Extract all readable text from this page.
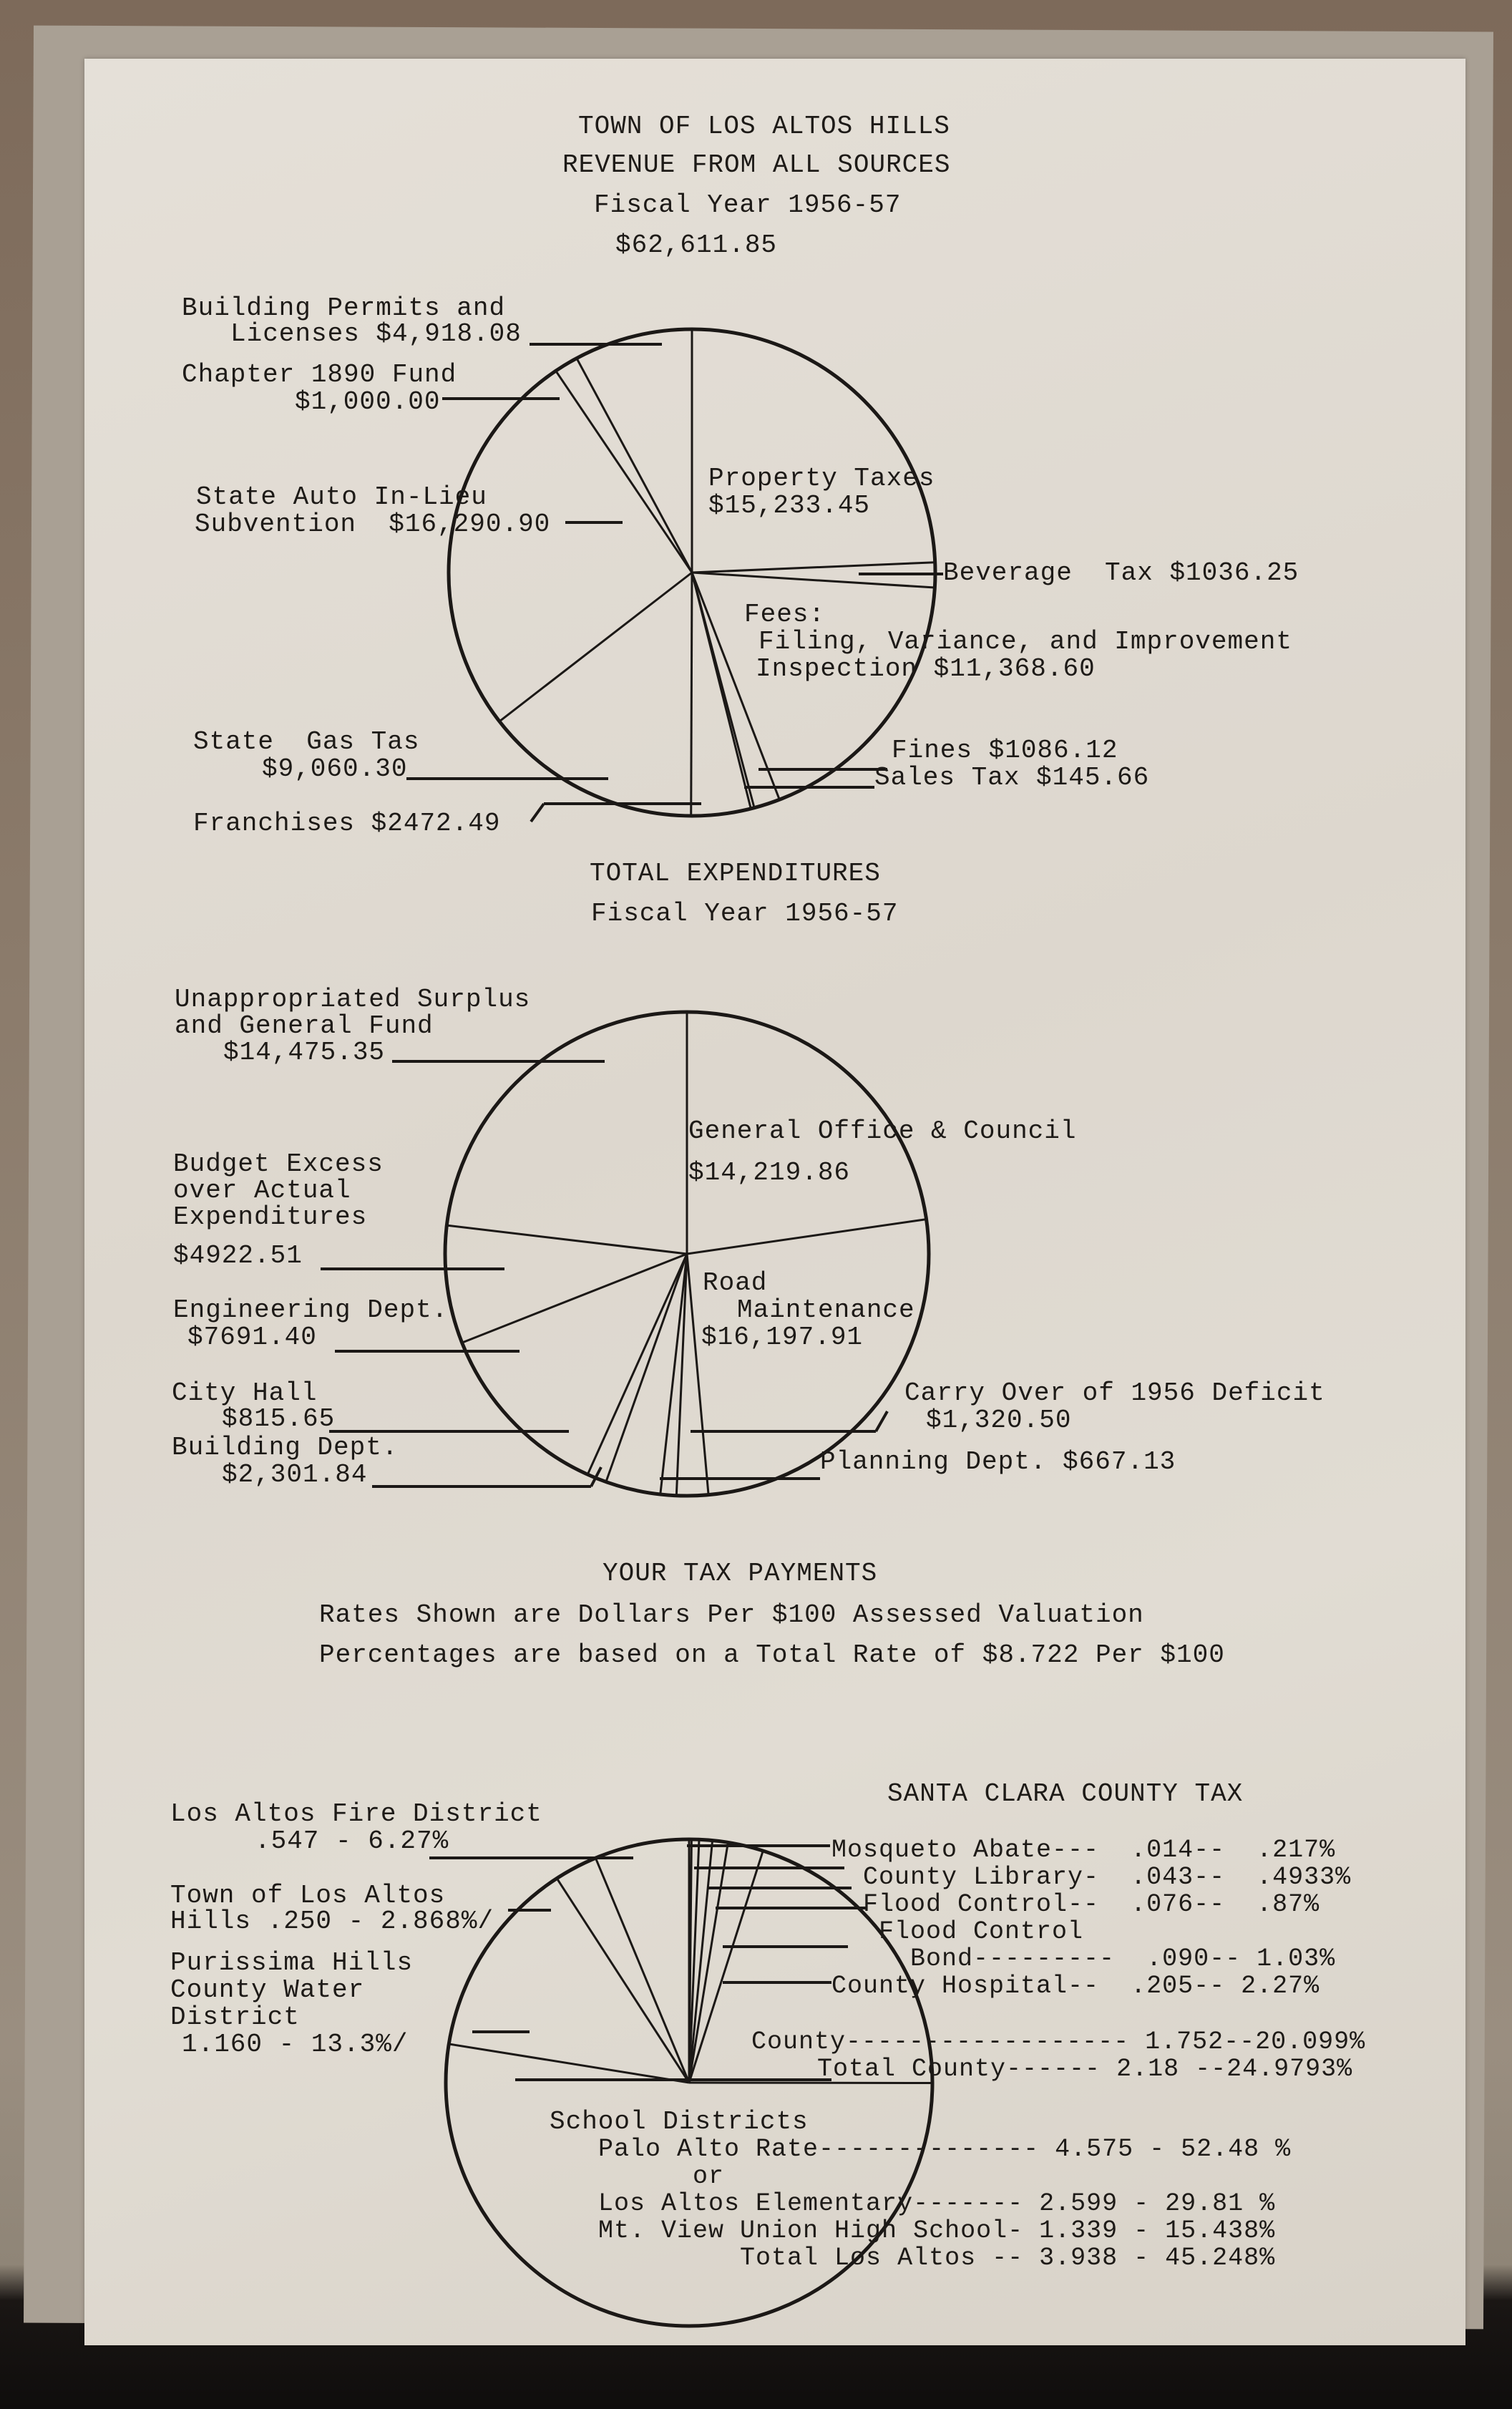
TOWN OF LOS ALTOS HILLS
REVENUE FROM ALL SOURCES
Fiscal Year 1956-57
$62,611.85
Building Permits and
Licenses $4,918.08
Chapter 1890 Fund
$1,000.00
State Auto In-Lieu
Subvention  $16,290.90
Property Taxes
$15,233.45
Beverage  Tax $1036.25
Fees:
Filing, Variance, and Improvement
Inspection $11,368.60
State  Gas Tas
$9,060.30
Fines $1086.12
Sales Tax $145.66
Franchises $2472.49
TOTAL EXPENDITURES
Fiscal Year 1956-57
Unappropriated Surplus
and General Fund
$14,475.35
Budget Excess
over Actual
Expenditures
$4922.51
Engineering Dept.
$7691.40
City Hall
$815.65
Building Dept.
$2,301.84
General Office & Council
$14,219.86
Road
Maintenance
$16,197.91
Carry Over of 1956 Deficit
$1,320.50
Planning Dept. $667.13
YOUR TAX PAYMENTS
Rates Shown are Dollars Per $100 Assessed Valuation
Percentages are based on a Total Rate of $8.722 Per $100
Los Altos Fire District
.547 - 6.27%
Town of Los Altos
Hills .250 - 2.868%/
Purissima Hills
County Water
District
1.160 - 13.3%/
SANTA CLARA COUNTY TAX
Mosqueto Abate---  .014--  .217%
County Library-  .043--  .4933%
Flood Control--  .076--  .87%
Flood Control
Bond---------  .090-- 1.03%
County Hospital--  .205-- 2.27%
County------------------ 1.752--20.099%
Total County------ 2.18 --24.9793%
School Districts
Palo Alto Rate-------------- 4.575 - 52.48 %
or
Los Altos Elementary------- 2.599 - 29.81 %
Mt. View Union High School- 1.339 - 15.438%
Total Los Altos -- 3.938 - 45.248%
